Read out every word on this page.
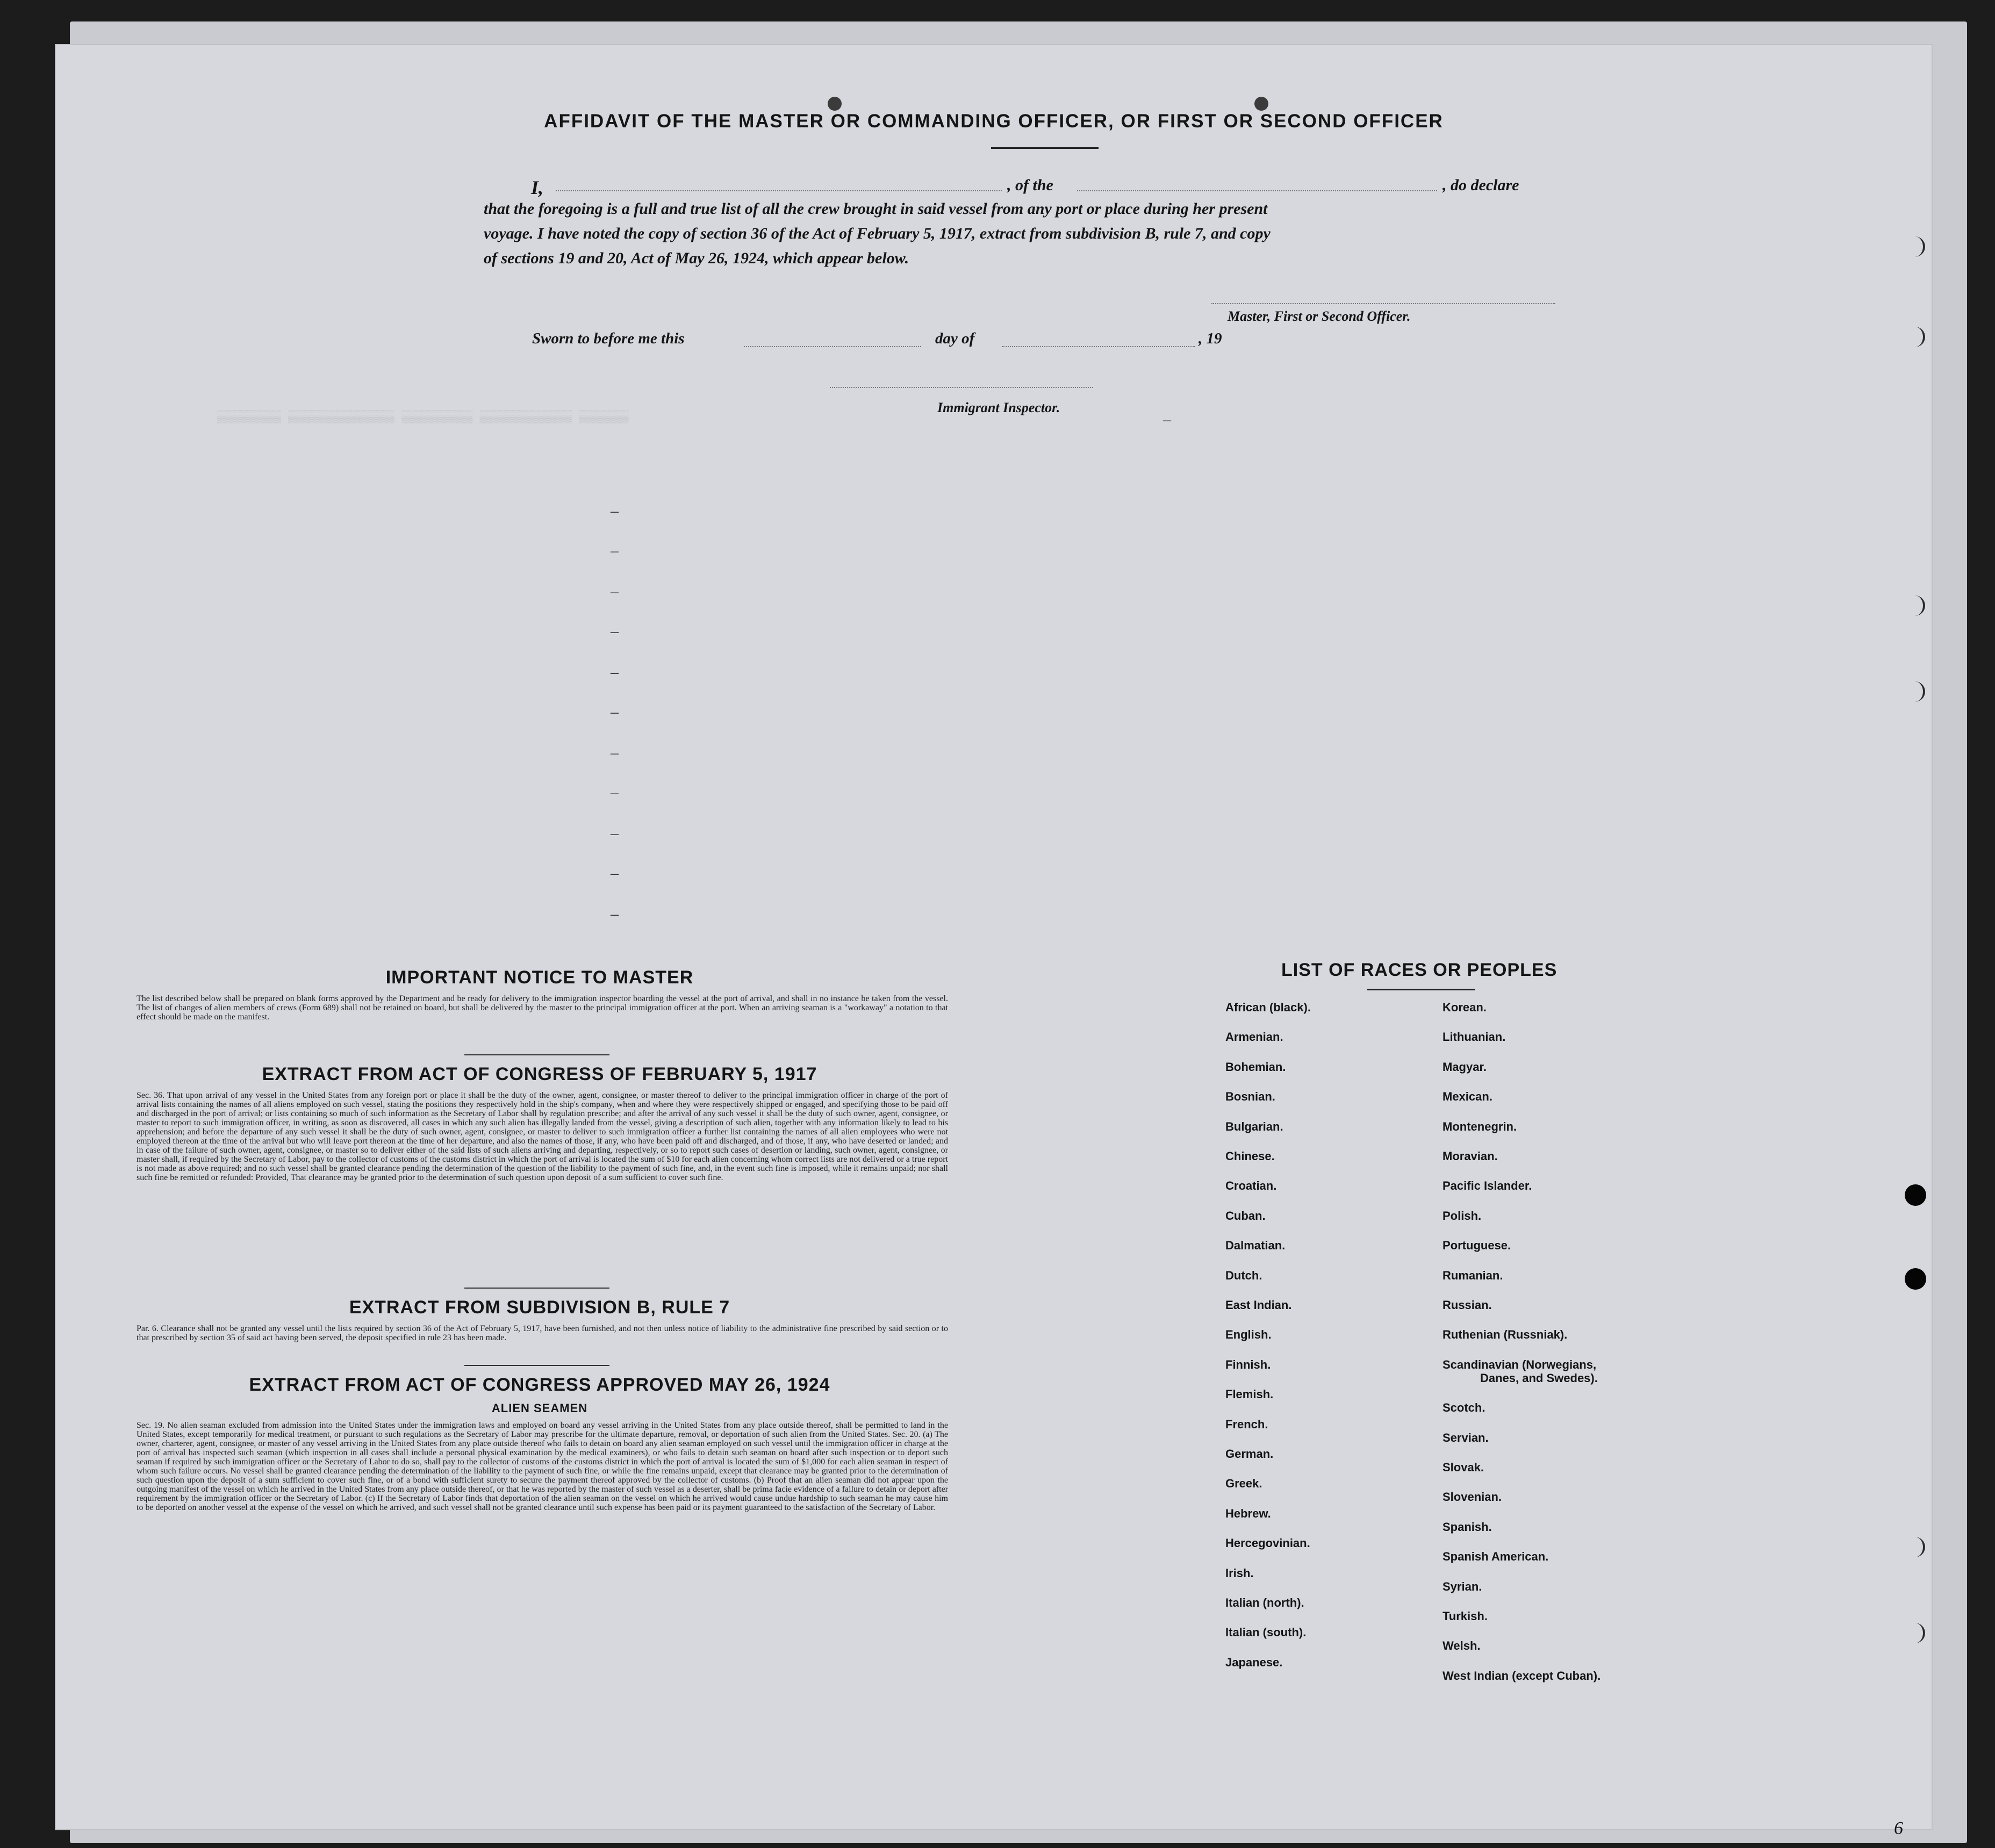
▒▒▒▒▒▒▒▒▒ ▒▒▒▒▒▒▒▒▒▒▒▒▒▒▒ ▒▒▒▒▒▒▒▒▒▒ ▒▒▒▒▒▒▒▒▒▒▒▒▒ ▒▒▒▒▒▒▒
AFFIDAVIT OF THE MASTER OR COMMANDING OFFICER, OR FIRST OR SECOND OFFICER
I,	, of the	, do declare
that the foregoing is a full and true list of all the crew brought in said vessel from any port or place during her present
voyage. I have noted the copy of section 36 of the Act of February 5, 1917, extract from subdivision B, rule 7, and copy
of sections 19 and 20, Act of May 26, 1924, which appear below.
Master, First or Second Officer.
Sworn to before me this	day of	, 19
Immigrant Inspector.
–
–
–
–
–
–
–
–
–
–
–
–
IMPORTANT NOTICE TO MASTER
The list described below shall be prepared on blank forms approved by the Department and be ready for delivery to the immigration inspector boarding the vessel at the port of arrival, and shall in no instance be taken from the vessel. The list of changes of alien members of crews (Form 689) shall not be retained on board, but shall be delivered by the master to the principal immigration officer at the port. When an arriving seaman is a "workaway" a notation to that effect should be made on the manifest.
EXTRACT FROM ACT OF CONGRESS OF FEBRUARY 5, 1917
Sec. 36. That upon arrival of any vessel in the United States from any foreign port or place it shall be the duty of the owner, agent, consignee, or master thereof to deliver to the principal immigration officer in charge of the port of arrival lists containing the names of all aliens employed on such vessel, stating the positions they respectively hold in the ship's company, when and where they were respectively shipped or engaged, and specifying those to be paid off and discharged in the port of arrival; or lists containing so much of such information as the Secretary of Labor shall by regulation prescribe; and after the arrival of any such vessel it shall be the duty of such owner, agent, consignee, or master to report to such immigration officer, in writing, as soon as discovered, all cases in which any such alien has illegally landed from the vessel, giving a description of such alien, together with any information likely to lead to his apprehension; and before the departure of any such vessel it shall be the duty of such owner, agent, consignee, or master to deliver to such immigration officer a further list containing the names of all alien employees who were not employed thereon at the time of the arrival but who will leave port thereon at the time of her departure, and also the names of those, if any, who have been paid off and discharged, and of those, if any, who have deserted or landed; and in case of the failure of such owner, agent, consignee, or master so to deliver either of the said lists of such aliens arriving and departing, respectively, or so to report such cases of desertion or landing, such owner, agent, consignee, or master shall, if required by the Secretary of Labor, pay to the collector of customs of the customs district in which the port of arrival is located the sum of $10 for each alien concerning whom correct lists are not delivered or a true report is not made as above required; and no such vessel shall be granted clearance pending the determination of the question of the liability to the payment of such fine, and, in the event such fine is imposed, while it remains unpaid; nor shall such fine be remitted or refunded: Provided, That clearance may be granted prior to the determination of such question upon deposit of a sum sufficient to cover such fine.
EXTRACT FROM SUBDIVISION B, RULE 7
Par. 6. Clearance shall not be granted any vessel until the lists required by section 36 of the Act of February 5, 1917, have been furnished, and not then unless notice of liability to the administrative fine prescribed by said section or to that prescribed by section 35 of said act having been served, the deposit specified in rule 23 has been made.
EXTRACT FROM ACT OF CONGRESS APPROVED MAY 26, 1924
ALIEN SEAMEN
Sec. 19. No alien seaman excluded from admission into the United States under the immigration laws and employed on board any vessel arriving in the United States from any place outside thereof, shall be permitted to land in the United States, except temporarily for medical treatment, or pursuant to such regulations as the Secretary of Labor may prescribe for the ultimate departure, removal, or deportation of such alien from the United States. Sec. 20. (a) The owner, charterer, agent, consignee, or master of any vessel arriving in the United States from any place outside thereof who fails to detain on board any alien seaman employed on such vessel until the immigration officer in charge at the port of arrival has inspected such seaman (which inspection in all cases shall include a personal physical examination by the medical examiners), or who fails to detain such seaman on board after such inspection or to deport such seaman if required by such immigration officer or the Secretary of Labor to do so, shall pay to the collector of customs of the customs district in which the port of arrival is located the sum of $1,000 for each alien seaman in respect of whom such failure occurs. No vessel shall be granted clearance pending the determination of the liability to the payment of such fine, or while the fine remains unpaid, except that clearance may be granted prior to the determination of such question upon the deposit of a sum sufficient to cover such fine, or of a bond with sufficient surety to secure the payment thereof approved by the collector of customs. (b) Proof that an alien seaman did not appear upon the outgoing manifest of the vessel on which he arrived in the United States from any place outside thereof, or that he was reported by the master of such vessel as a deserter, shall be prima facie evidence of a failure to detain or deport after requirement by the immigration officer or the Secretary of Labor. (c) If the Secretary of Labor finds that deportation of the alien seaman on the vessel on which he arrived would cause undue hardship to such seaman he may cause him to be deported on another vessel at the expense of the vessel on which he arrived, and such vessel shall not be granted clearance until such expense has been paid or its payment guaranteed to the satisfaction of the Secretary of Labor.
LIST OF RACES OR PEOPLES
African (black).
Armenian.
Bohemian.
Bosnian.
Bulgarian.
Chinese.
Croatian.
Cuban.
Dalmatian.
Dutch.
East Indian.
English.
Finnish.
Flemish.
French.
German.
Greek.
Hebrew.
Hercegovinian.
Irish.
Italian (north).
Italian (south).
Japanese.
Korean.
Lithuanian.
Magyar.
Mexican.
Montenegrin.
Moravian.
Pacific Islander.
Polish.
Portuguese.
Rumanian.
Russian.
Ruthenian (Russniak).
Scandinavian (Norwegians,
Danes, and Swedes).
Scotch.
Servian.
Slovak.
Slovenian.
Spanish.
Spanish American.
Syrian.
Turkish.
Welsh.
West Indian (except Cuban).
6
